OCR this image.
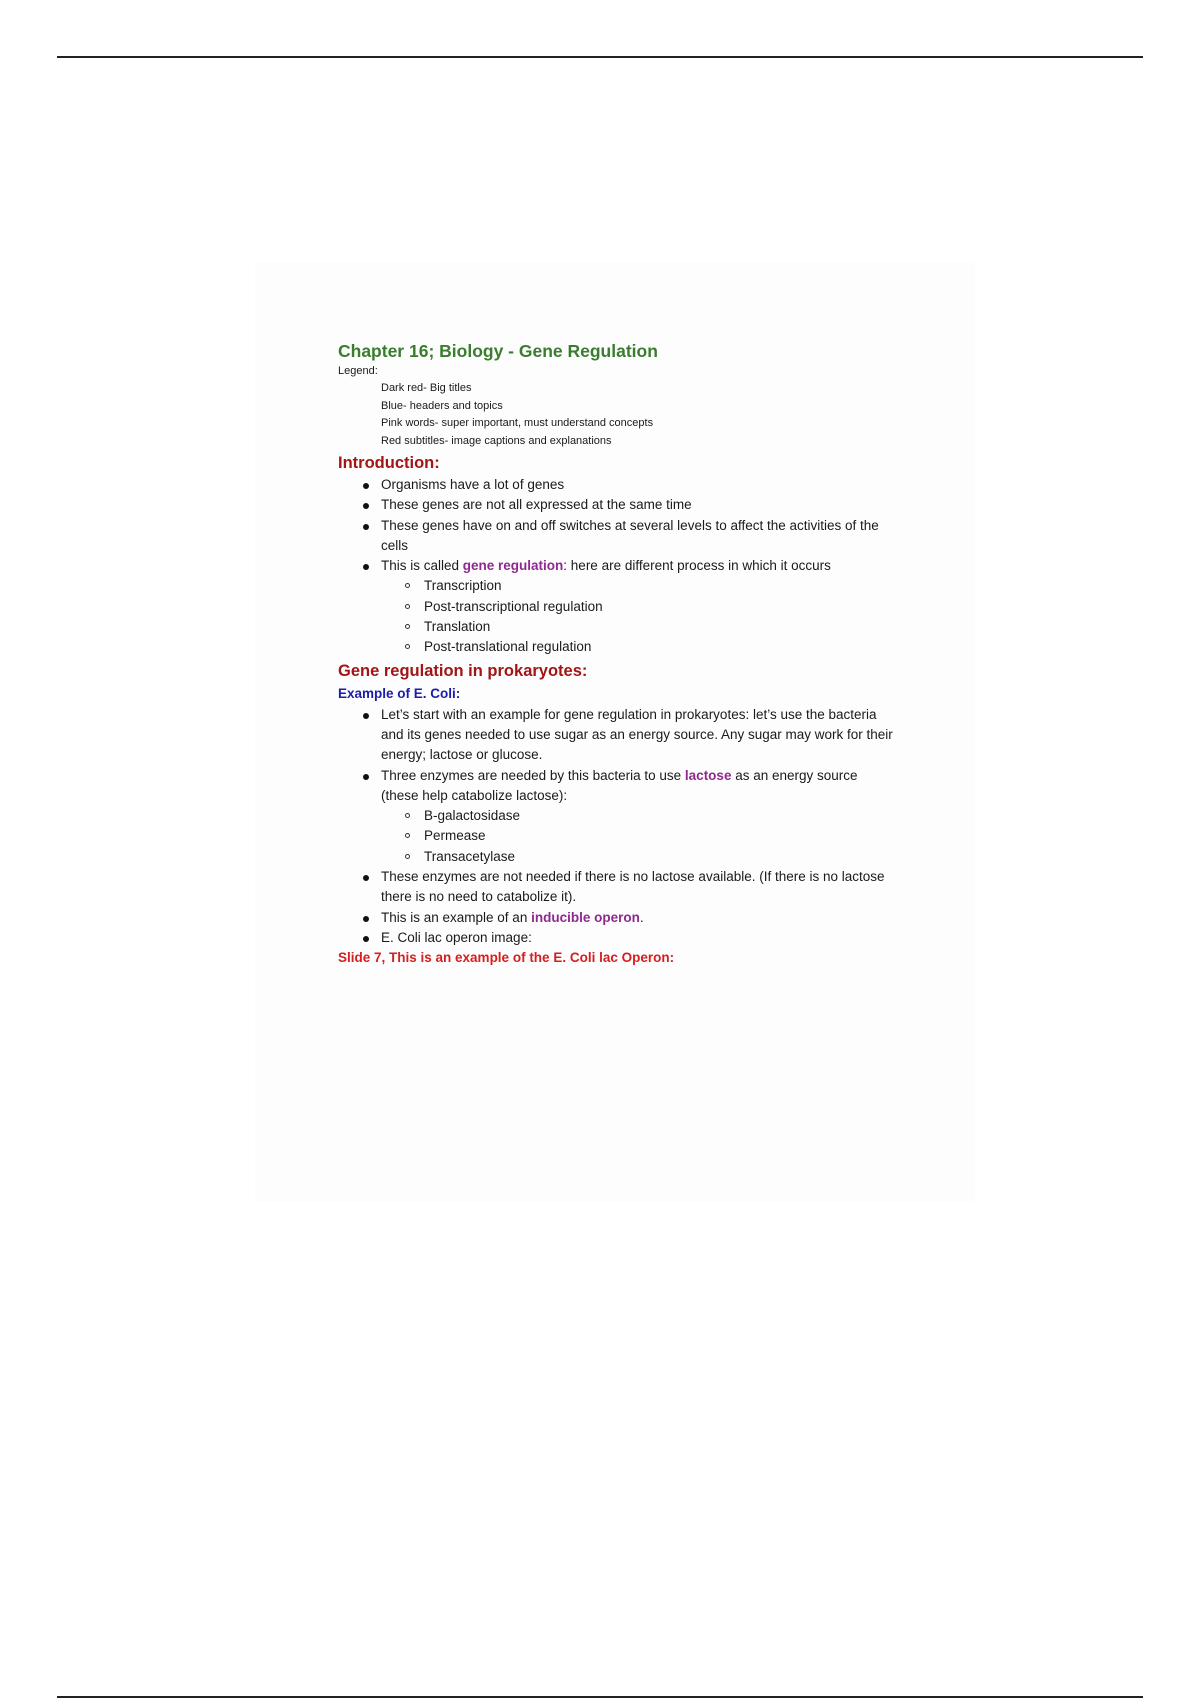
Chapter 16; Biology - Gene Regulation
Legend:
Dark red- Big titles
Blue- headers and topics
Pink words- super important, must understand concepts
Red subtitles- image captions and explanations
Introduction:
Organisms have a lot of genes
These genes are not all expressed at the same time
These genes have on and off switches at several levels to affect the activities of the cells
This is called gene regulation: here are different process in which it occurs
Transcription
Post-transcriptional regulation
Translation
Post-translational regulation
Gene regulation in prokaryotes:
Example of E. Coli:
Let’s start with an example for gene regulation in prokaryotes: let’s use the bacteria and its genes needed to use sugar as an energy source. Any sugar may work for their energy; lactose or glucose.
Three enzymes are needed by this bacteria to use lactose as an energy source (these help catabolize lactose):
B-galactosidase
Permease
Transacetylase
These enzymes are not needed if there is no lactose available. (If there is no lactose there is no need to catabolize it).
This is an example of an inducible operon.
E. Coli lac operon image:
Slide 7, This is an example of the E. Coli lac Operon:
